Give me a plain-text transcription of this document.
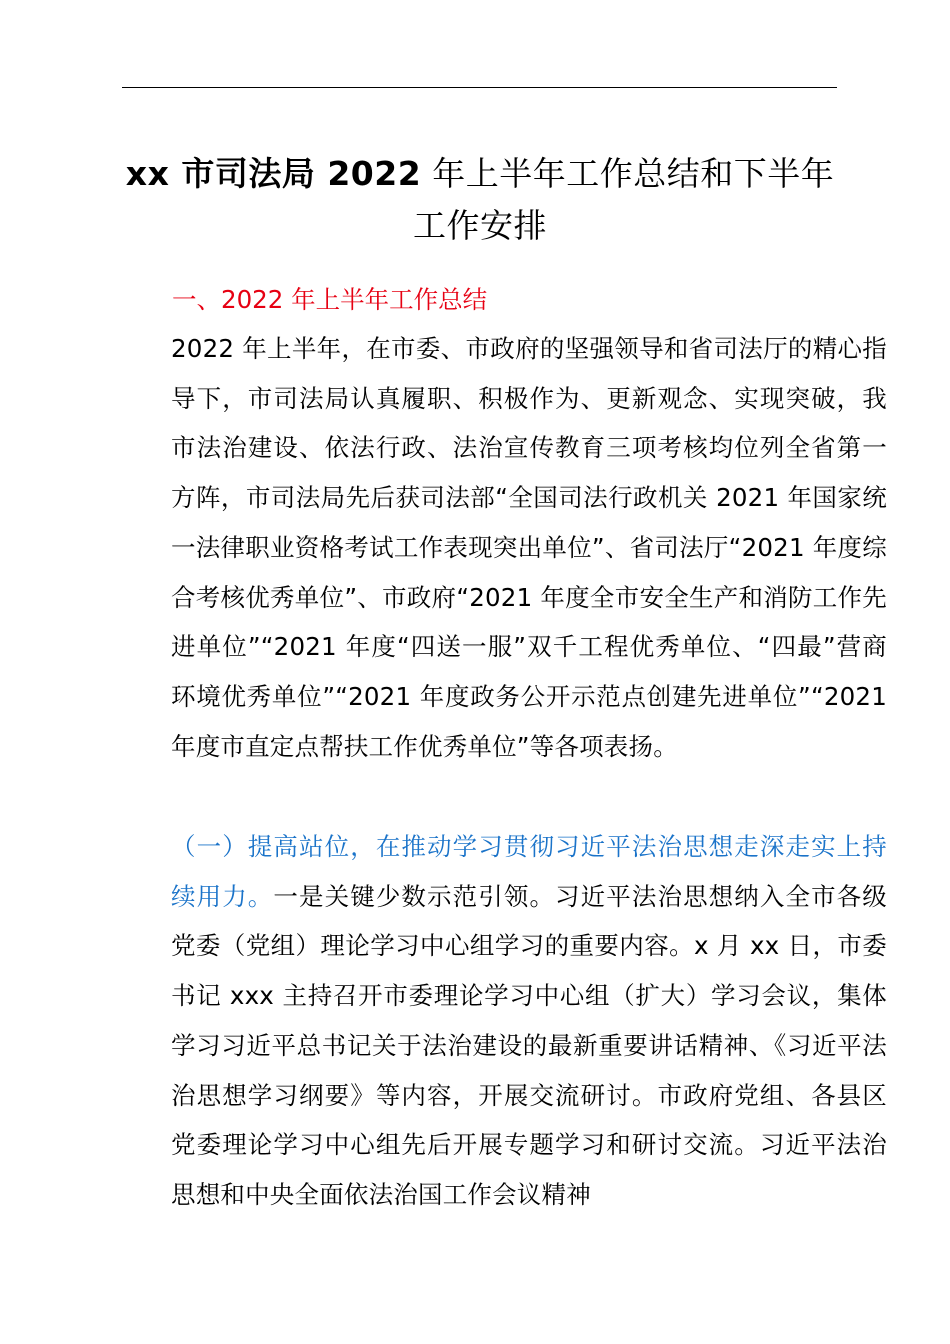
xx 市司法局 2022 年上半年工作总结和下半年工作安排

一、2022 年上半年工作总结

2022 年上半年，在市委、市政府的坚强领导和省司法厅的精心指导下，市司法局认真履职、积极作为、更新观念、实现突破，我市法治建设、依法行政、法治宣传教育三项考核均位列全省第一方阵，市司法局先后获司法部“全国司法行政机关 2021 年国家统一法律职业资格考试工作表现突出单位”、省司法厅“2021 年度综合考核优秀单位”、市政府“2021 年度全市安全生产和消防工作先进单位”“2021 年度“四送一服”双千工程优秀单位、“四最”营商环境优秀单位”“2021 年度政务公开示范点创建先进单位”“2021 年度市直定点帮扶工作优秀单位”等各项表扬。

（一）提高站位，在推动学习贯彻习近平法治思想走深走实上持续用力。一是关键少数示范引领。习近平法治思想纳入全市各级党委（党组）理论学习中心组学习的重要内容。x 月 xx 日，市委书记 xxx 主持召开市委理论学习中心组（扩大）学习会议，集体学习习近平总书记关于法治建设的最新重要讲话精神、《习近平法治思想学习纲要》等内容，开展交流研讨。市政府党组、各县区党委理论学习中心组先后开展专题学习和研讨交流。习近平法治思想和中央全面依法治国工作会议精神
